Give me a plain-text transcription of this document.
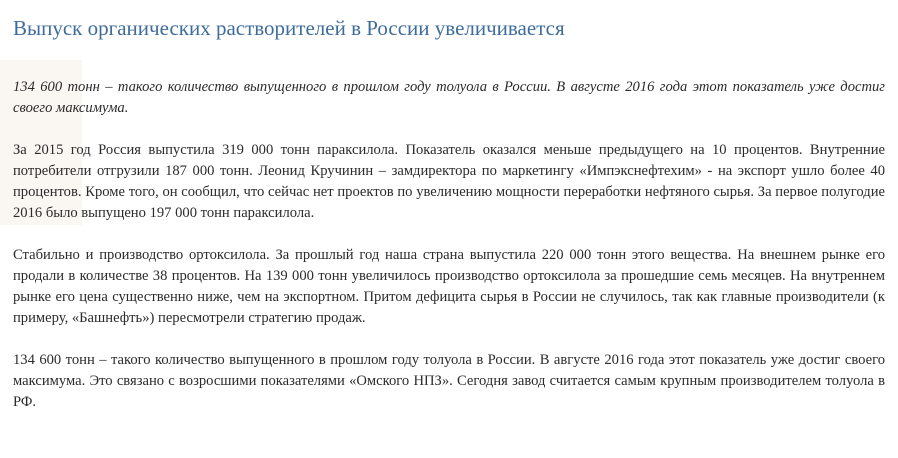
Выпуск органических растворителей в России увеличивается

134 600 тонн – такого количество выпущенного в прошлом году толуола в России. В августе 2016 года этот показатель уже достиг своего максимума.

За 2015 год Россия выпустила 319 000 тонн параксилола. Показатель оказался меньше предыдущего на 10 процентов. Внутренние потребители отгрузили 187 000 тонн. Леонид Кручинин – замдиректора по маркетингу «Импэкснефтехим» - на экспорт ушло более 40 процентов. Кроме того, он сообщил, что сейчас нет проектов по увеличению мощности переработки нефтяного сырья. За первое полугодие 2016 было выпущено 197 000 тонн параксилола.

Стабильно и производство ортоксилола. За прошлый год наша страна выпустила 220 000 тонн этого вещества. На внешнем рынке его продали в количестве 38 процентов. На 139 000 тонн увеличилось производство ортоксилола за прошедшие семь месяцев. На внутреннем рынке его цена существенно ниже, чем на экспортном. Притом дефицита сырья в России не случилось, так как главные производители (к примеру, «Башнефть») пересмотрели стратегию продаж.

134 600 тонн – такого количество выпущенного в прошлом году толуола в России. В августе 2016 года этот показатель уже достиг своего максимума. Это связано с возросшими показателями «Омского НПЗ». Сегодня завод считается самым крупным производителем толуола в РФ.
